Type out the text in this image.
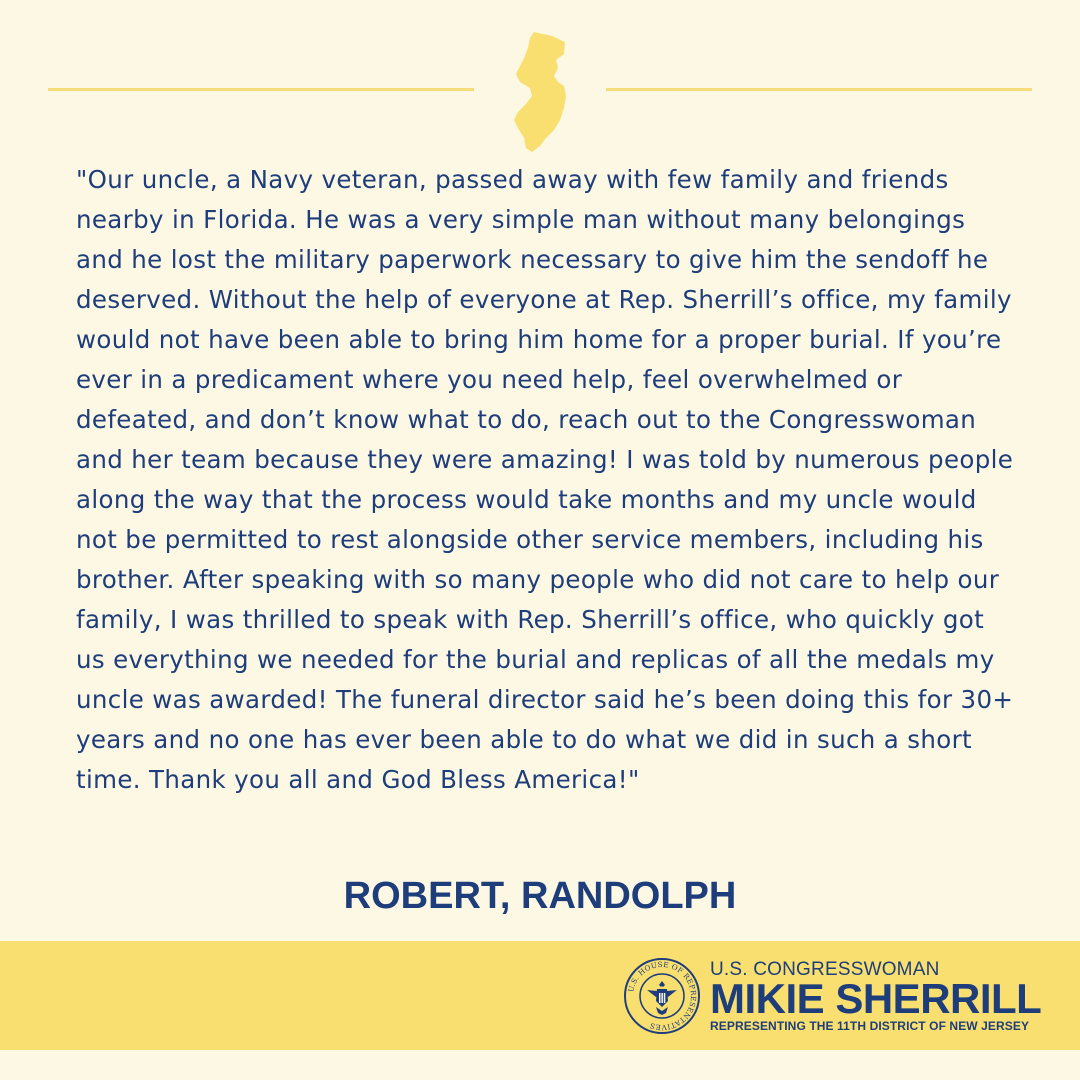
"Our uncle, a Navy veteran, passed away with few family and friends nearby in Florida. He was a very simple man without many belongings and he lost the military paperwork necessary to give him the sendoff he deserved. Without the help of everyone at Rep. Sherrill’s office, my family would not have been able to bring him home for a proper burial. If you’re ever in a predicament where you need help, feel overwhelmed or defeated, and don’t know what to do, reach out to the Congresswoman and her team because they were amazing! I was told by numerous people along the way that the process would take months and my uncle would not be permitted to rest alongside other service members, including his brother. After speaking with so many people who did not care to help our family, I was thrilled to speak with Rep. Sherrill’s office, who quickly got us everything we needed for the burial and replicas of all the medals my uncle was awarded! The funeral director said he’s been doing this for 30+ years and no one has ever been able to do what we did in such a short time. Thank you all and God Bless America!"

ROBERT, RANDOLPH
U.S. HOUSE OF REPRESENTATIVES
U.S. CONGRESSWOMAN
MIKIE SHERRILL
REPRESENTING THE 11TH DISTRICT OF NEW JERSEY
